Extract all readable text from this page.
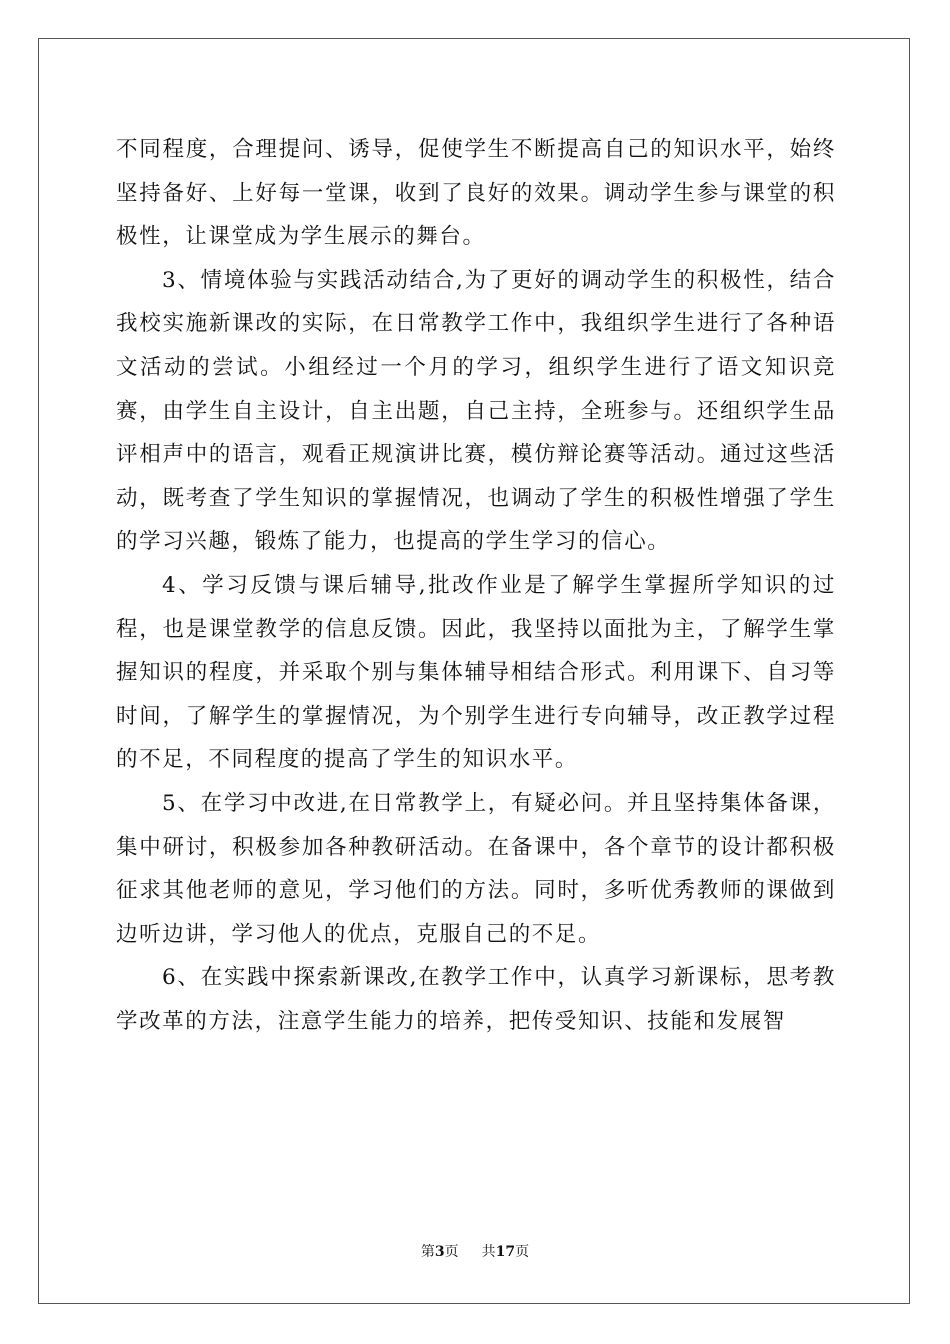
不同程度，合理提问、诱导，促使学生不断提高自己的知识水平，始终坚持备好、上好每一堂课，收到了良好的效果。调动学生参与课堂的积极性，让课堂成为学生展示的舞台。

3、情境体验与实践活动结合,为了更好的调动学生的积极性，结合我校实施新课改的实际，在日常教学工作中，我组织学生进行了各种语文活动的尝试。小组经过一个月的学习，组织学生进行了语文知识竞赛，由学生自主设计，自主出题，自己主持，全班参与。还组织学生品评相声中的语言，观看正规演讲比赛，模仿辩论赛等活动。通过这些活动，既考查了学生知识的掌握情况，也调动了学生的积极性增强了学生的学习兴趣，锻炼了能力，也提高的学生学习的信心。

4、学习反馈与课后辅导,批改作业是了解学生掌握所学知识的过程，也是课堂教学的信息反馈。因此，我坚持以面批为主，了解学生掌握知识的程度，并采取个别与集体辅导相结合形式。利用课下、自习等时间，了解学生的掌握情况，为个别学生进行专向辅导，改正教学过程的不足，不同程度的提高了学生的知识水平。

5、在学习中改进,在日常教学上，有疑必问。并且坚持集体备课，集中研讨，积极参加各种教研活动。在备课中，各个章节的设计都积极征求其他老师的意见，学习他们的方法。同时，多听优秀教师的课做到边听边讲，学习他人的优点，克服自己的不足。

6、在实践中探索新课改,在教学工作中，认真学习新课标，思考教学改革的方法，注意学生能力的培养，把传受知识、技能和发展智

第3页 共17页
